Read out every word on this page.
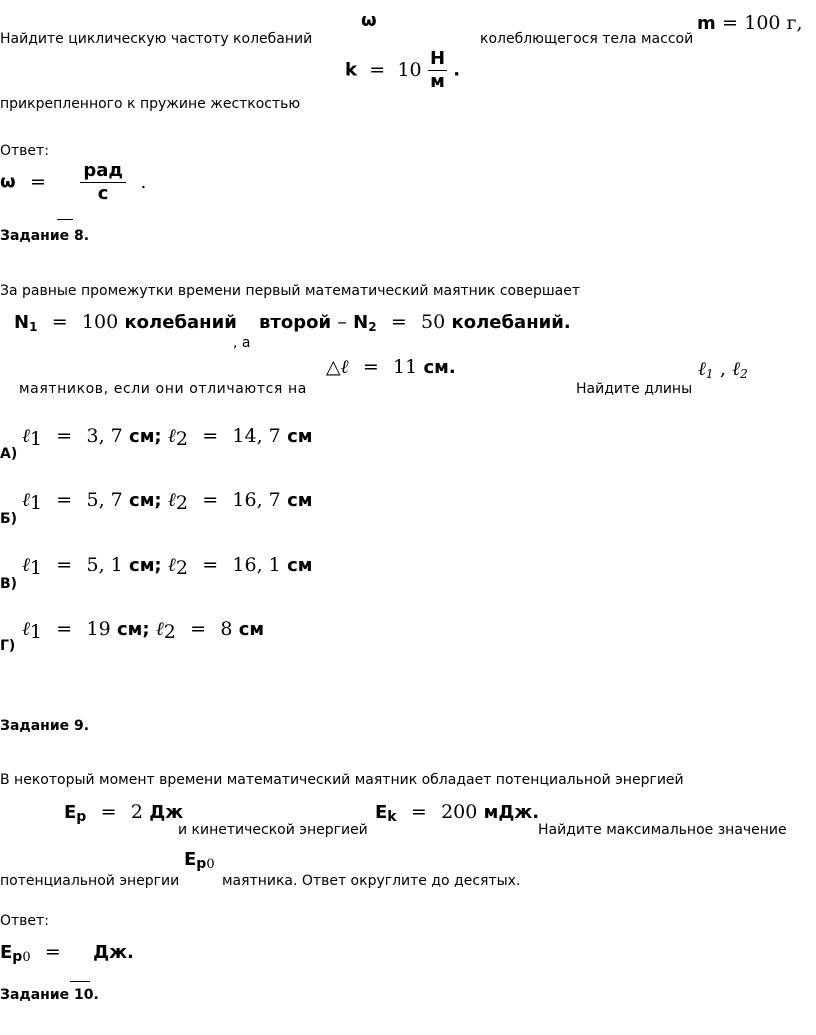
Найдите циклическую частоту колебаний
ω
колеблющегося тела массой
m = 100 г,
$k = 10 \frac{Н}{м}$ .
прикрепленного к пружине жесткостью
Ответ:
$\omega = \frac{\text{рад}}{с}$ .
Задание 8.
За равные промежутки времени первый математический маятник совершает
$N_1 = 100$ колебаний
, а
второй – $N_2 = 50$ колебаний.
маятников, если они отличаются на
△ℓ = 11 см.
Найдите длины
ℓ$_1$ , ℓ$_2$
А)
ℓ$_1$ = 3, 7 см; ℓ$_2$ = 14, 7 см
Б)
ℓ$_1$ = 5, 7 см; ℓ$_2$ = 16, 7 см
В)
ℓ$_1$ = 5, 1 см; ℓ$_2$ = 16, 1 см
Г)
ℓ$_1$ = 19 см; ℓ$_2$ = 8 см
Задание 9.
В некоторый момент времени математический маятник обладает потенциальной энергией
$E_p = 2$ Дж
и кинетической энергией
$E_k = 200$ мДж.
Найдите максимальное значение
потенциальной энергии
$E_{p0}$
маятника. Ответ округлите до десятых.
Ответ:
$E_{p0}$ = Дж.
Задание 10.
